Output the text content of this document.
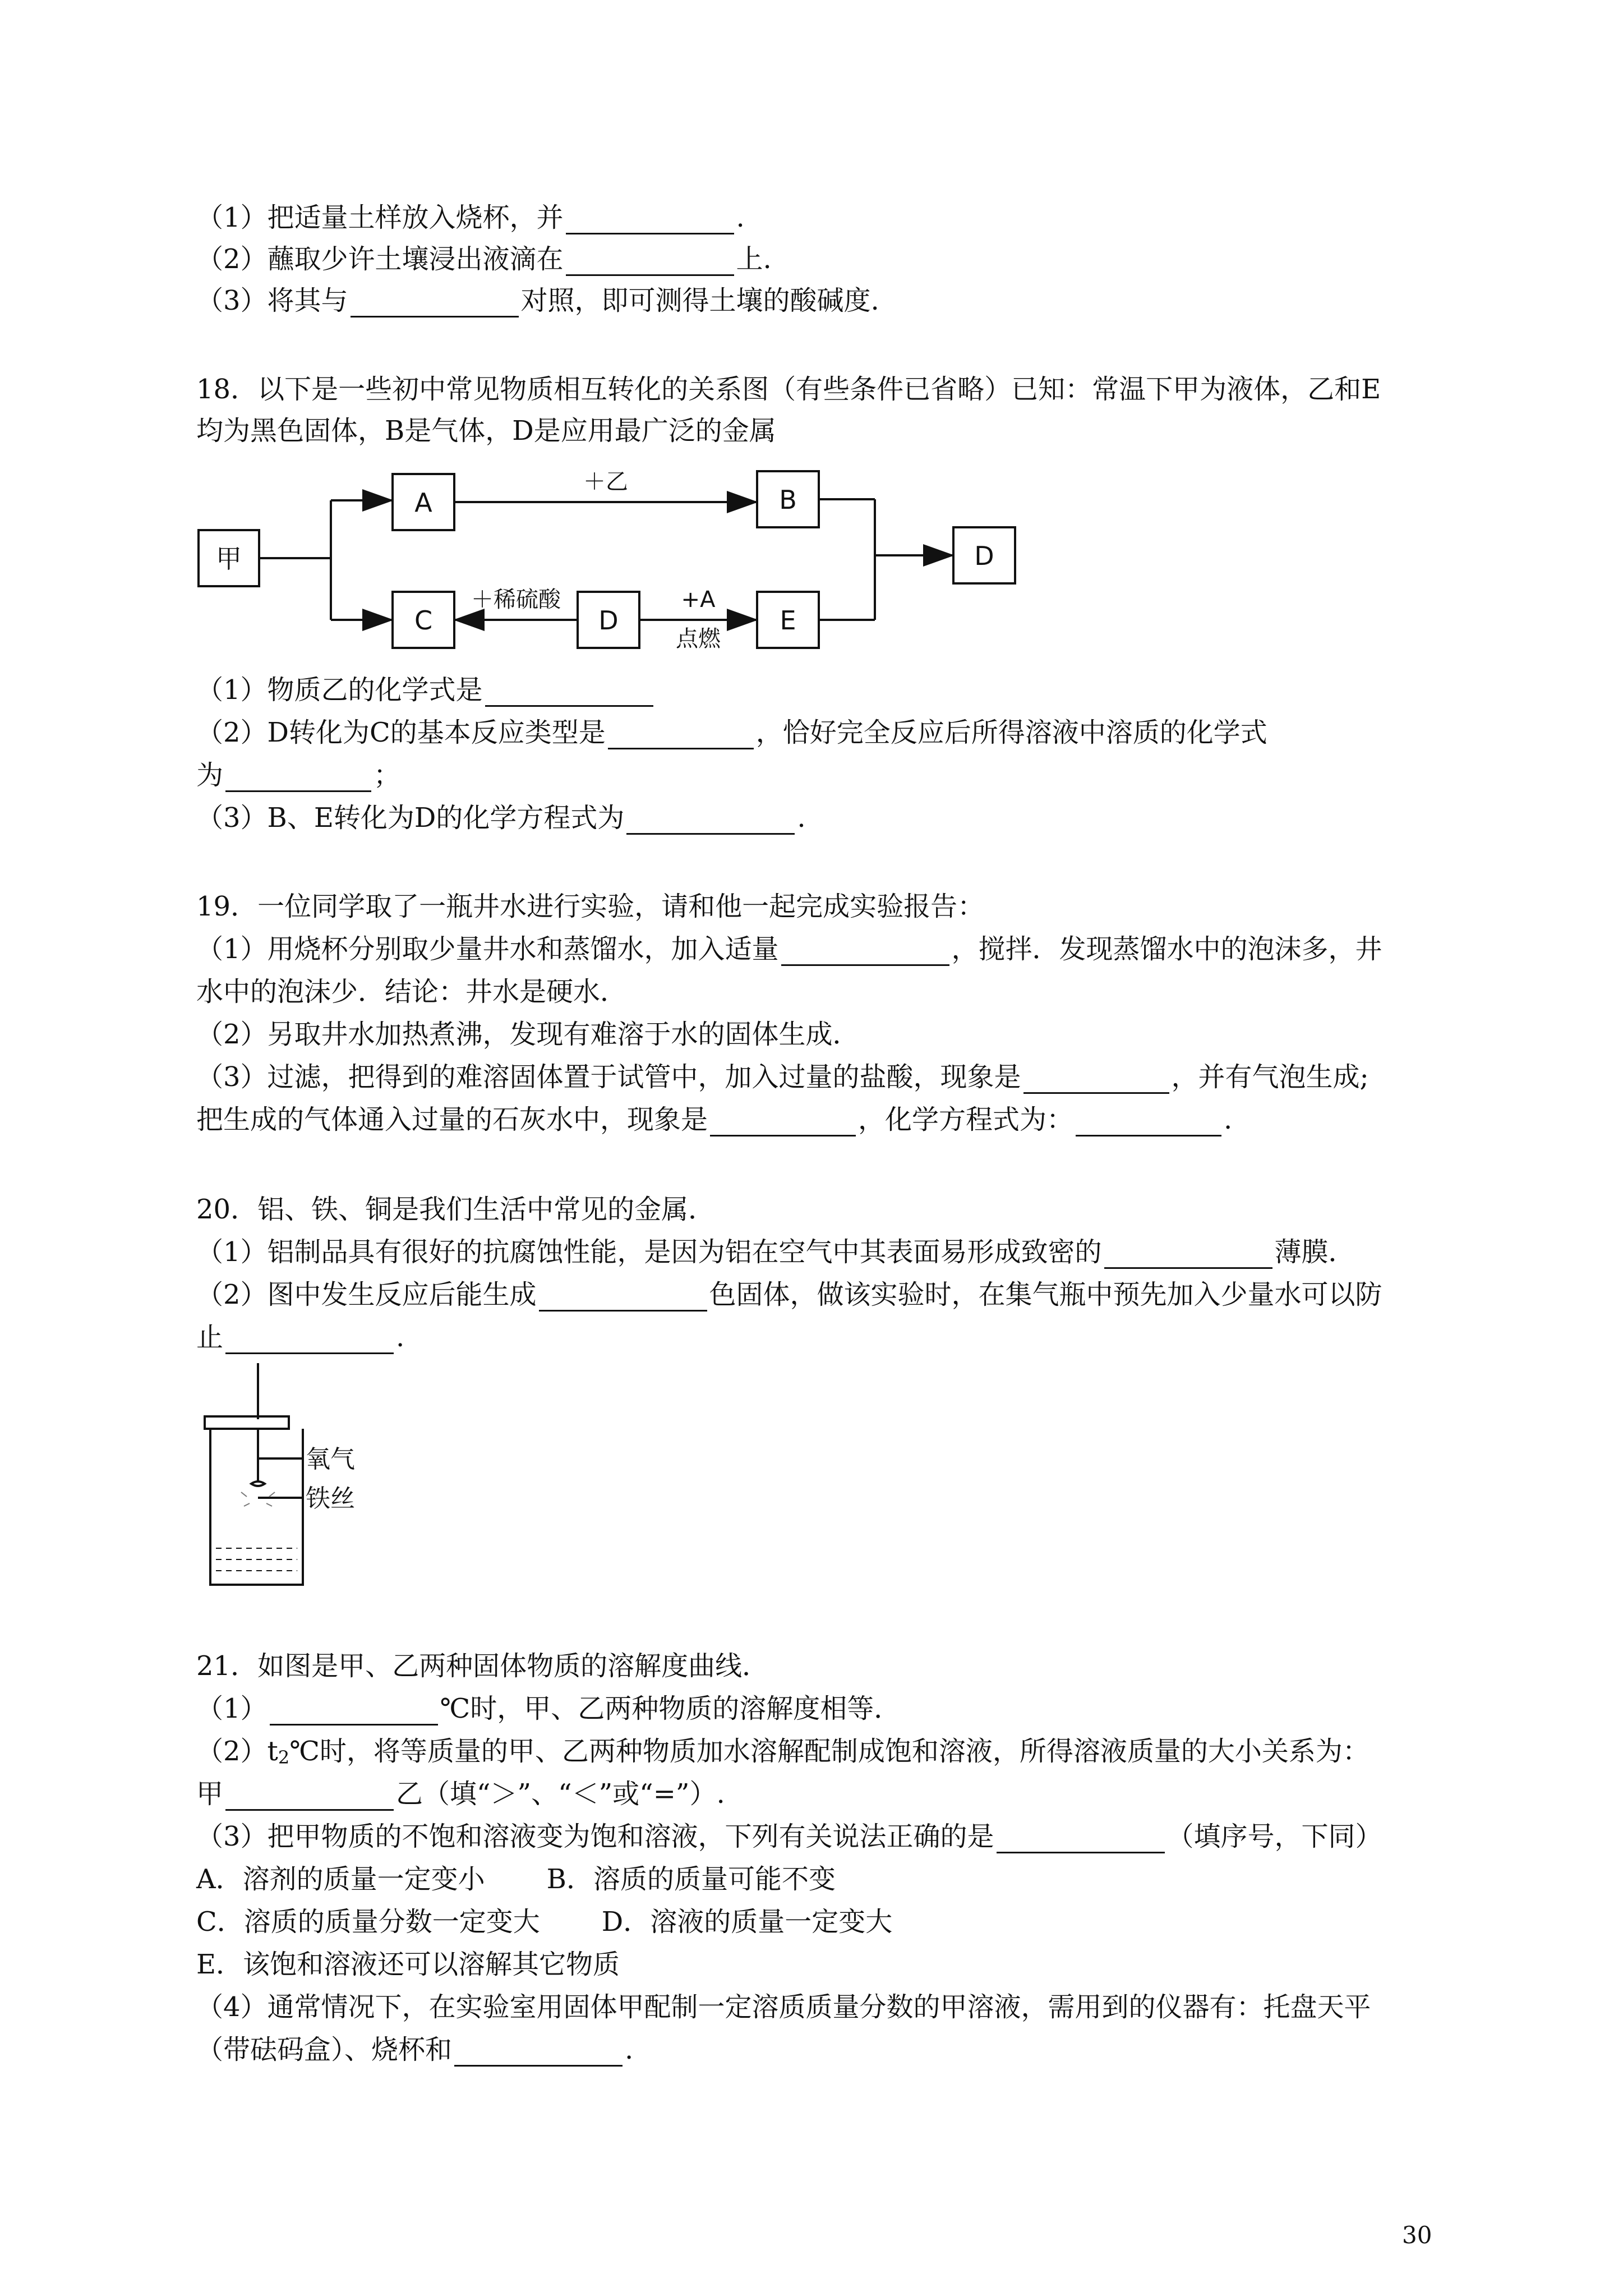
（1）把适量土样放入烧杯，并	.
（2）蘸取少许土壤浸出液滴在	上.
（3）将其与	对照，即可测得土壤的酸碱度.
18．以下是一些初中常见物质相互转化的关系图（有些条件已省略）已知：常温下甲为液体，乙和E
均为黑色固体，B是气体，D是应用最广泛的金属
甲
A	B
C	D	E
D
＋乙
＋稀硫酸	+A
点燃
（1）物质乙的化学式是
（2）D转化为C的基本反应类型是	，恰好完全反应后所得溶液中溶质的化学式
为	；
（3）B、E转化为D的化学方程式为	.
19．一位同学取了一瓶井水进行实验，请和他一起完成实验报告：
（1）用烧杯分别取少量井水和蒸馏水，加入适量	，搅拌．发现蒸馏水中的泡沫多，井
水中的泡沫少．结论：井水是硬水．
（2）另取井水加热煮沸，发现有难溶于水的固体生成．
（3）过滤，把得到的难溶固体置于试管中，加入过量的盐酸，现象是	，并有气泡生成;
把生成的气体通入过量的石灰水中，现象是	，化学方程式为：	.
20．铝、铁、铜是我们生活中常见的金属．
（1）铝制品具有很好的抗腐蚀性能，是因为铝在空气中其表面易形成致密的	薄膜．
（2）图中发生反应后能生成	色固体，做该实验时，在集气瓶中预先加入少量水可以防
止	.
氧气
铁丝
21．如图是甲、乙两种固体物质的溶解度曲线．
（1）	℃时，甲、乙两种物质的溶解度相等．
（2）t2℃时，将等质量的甲、乙两种物质加水溶解配制成饱和溶液，所得溶液质量的大小关系为：
甲	乙（填“＞”、“＜”或“=”）.
（3）把甲物质的不饱和溶液变为饱和溶液，下列有关说法正确的是	（填序号，下同）
A．溶剂的质量一定变小 B．溶质的质量可能不变
C．溶质的质量分数一定变大 D．溶液的质量一定变大
E．该饱和溶液还可以溶解其它物质
（4）通常情况下，在实验室用固体甲配制一定溶质质量分数的甲溶液，需用到的仪器有：托盘天平
（带砝码盒）、烧杯和	.
30
